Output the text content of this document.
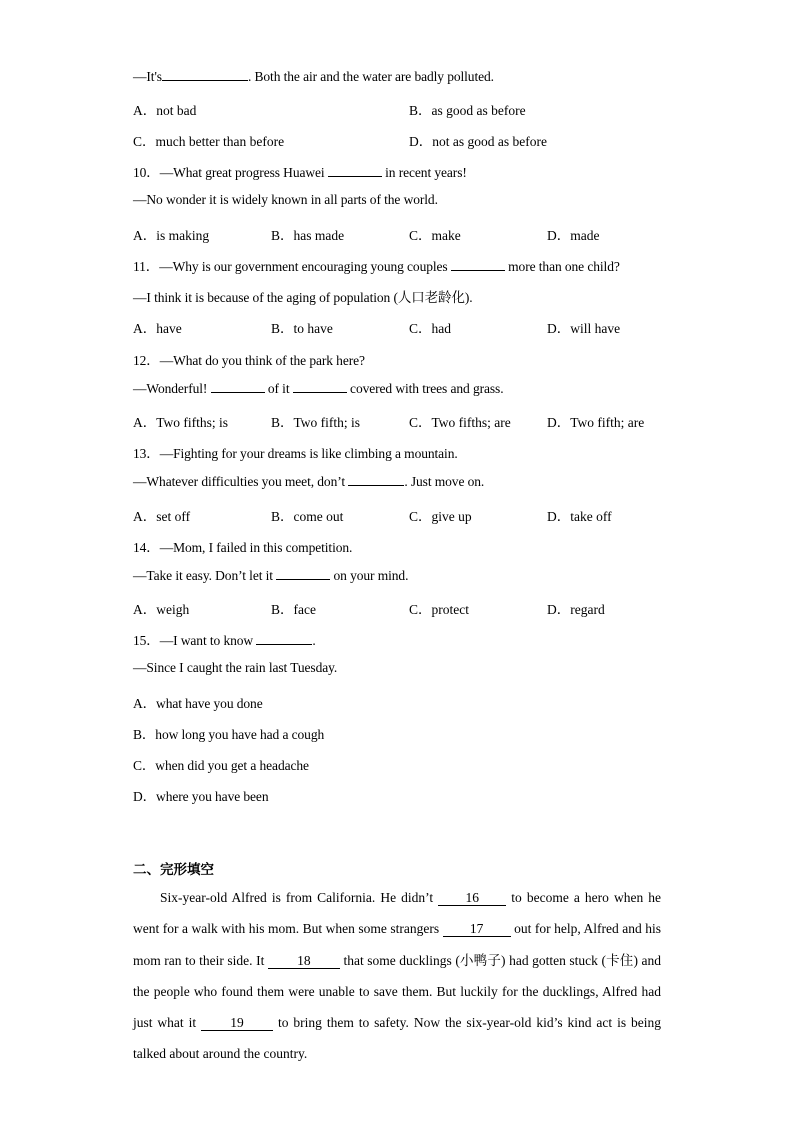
—It's	. Both the air and the water are badly polluted.
A．not bad	B．as good as before
C．much better than before	D．not as good as before
10．—What great progress Huawei	in recent years!
—No wonder it is widely known in all parts of the world.
A．is making	B．has made	C．make	D．made
11．—Why is our government encouraging young couples	more than one child?
—I think it is because of the aging of population (人口老龄化).
A．have	B．to have	C．had	D．will have
12．—What do you think of the park here?
—Wonderful!	of it	covered with trees and grass.
A．Two fifths; is	B．Two fifth; is	C．Two fifths; are	D．Two fifth; are
13．—Fighting for your dreams is like climbing a mountain.
—Whatever difficulties you meet, don’t	. Just move on.
A．set off	B．come out	C．give up	D．take off
14．—Mom, I failed in this competition.
—Take it easy. Don’t let it	on your mind.
A．weigh	B．face	C．protect	D．regard
15．—I want to know	.
—Since I caught the rain last Tuesday.
A．what have you done
B．how long you have had a cough
C．when did you get a headache
D．where you have been
二、完形填空
Six-year-old Alfred is from California. He didn’t 16 to become a hero when he went for a walk with his mom. But when some strangers 17 out for help, Alfred and his mom ran to their side. It 18 that some ducklings (小鸭子) had gotten stuck (卡住) and the people who found them were unable to save them. But luckily for the ducklings, Alfred had just what it	19	to bring them to safety. Now the six-year-old kid’s kind act is being talked about around the country.
